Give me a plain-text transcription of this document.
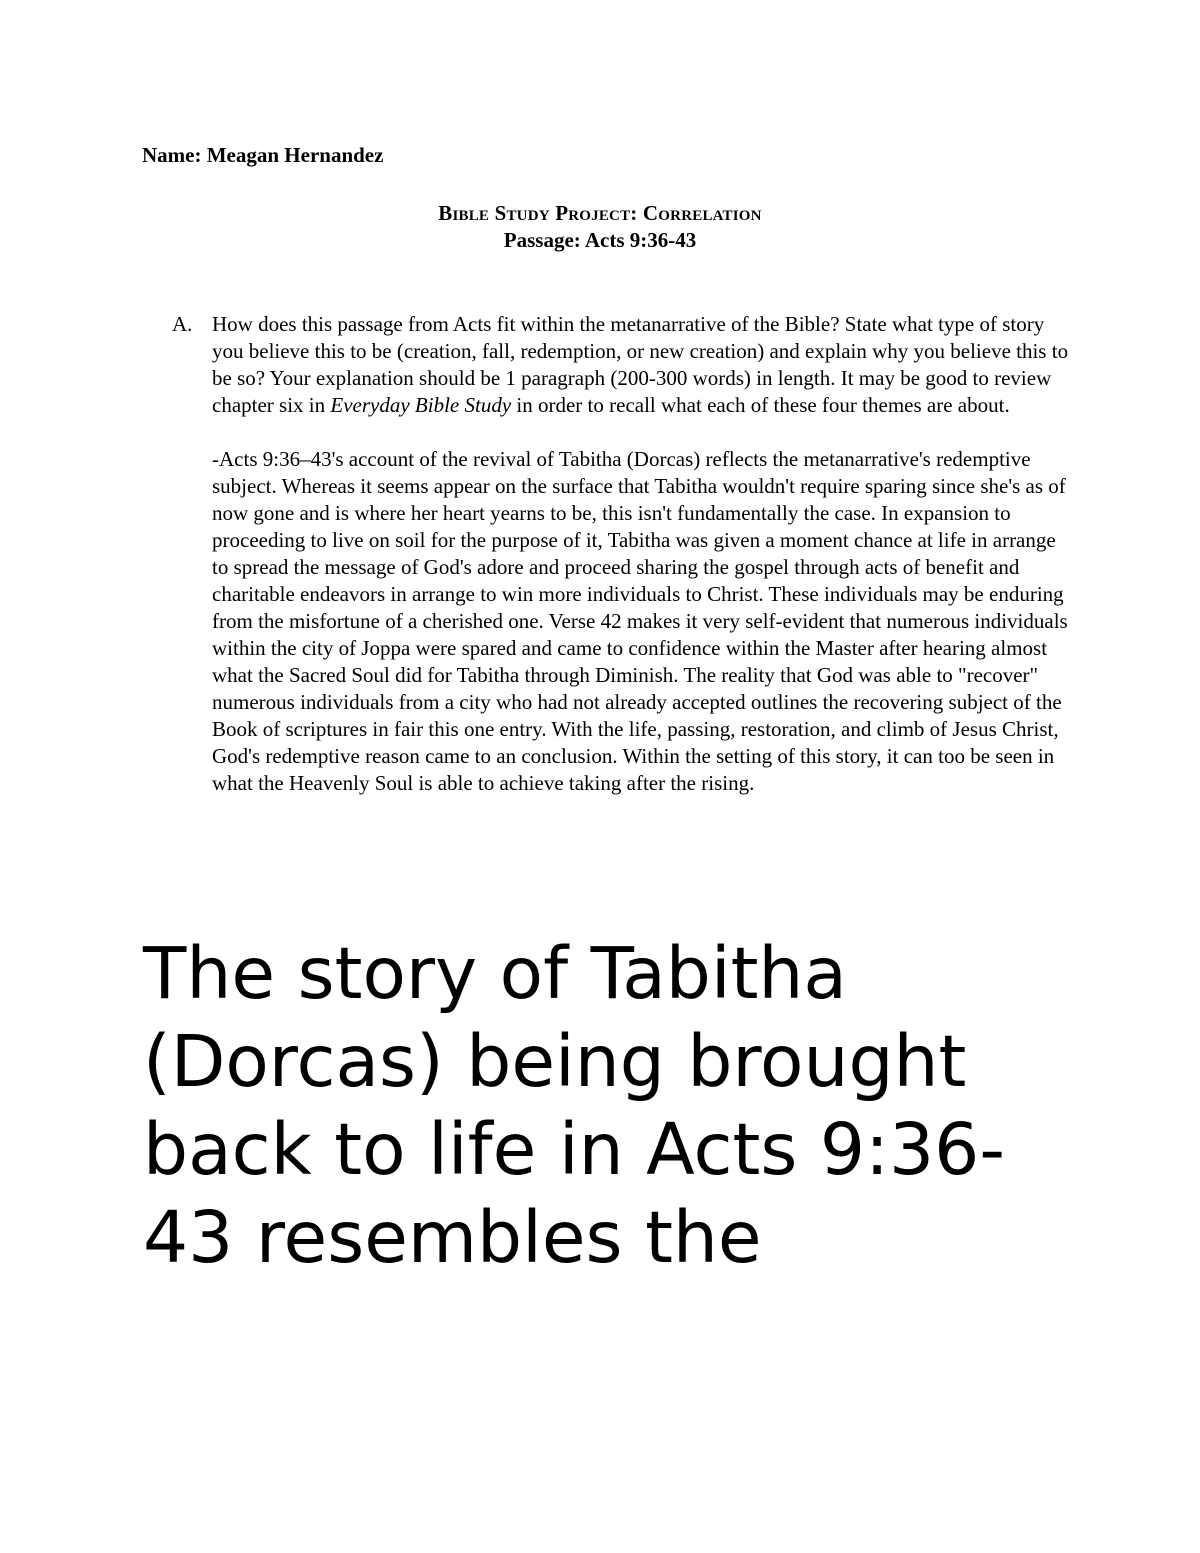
Name: Meagan Hernandez
Bible Study Project: Correlation
Passage: Acts 9:36-43
A. How does this passage from Acts fit within the metanarrative of the Bible? State what type of story you believe this to be (creation, fall, redemption, or new creation) and explain why you believe this to be so? Your explanation should be 1 paragraph (200-300 words) in length. It may be good to review chapter six in Everyday Bible Study in order to recall what each of these four themes are about.
-Acts 9:36–43's account of the revival of Tabitha (Dorcas) reflects the metanarrative's redemptive subject. Whereas it seems appear on the surface that Tabitha wouldn't require sparing since she's as of now gone and is where her heart yearns to be, this isn't fundamentally the case. In expansion to proceeding to live on soil for the purpose of it, Tabitha was given a moment chance at life in arrange to spread the message of God's adore and proceed sharing the gospel through acts of benefit and charitable endeavors in arrange to win more individuals to Christ. These individuals may be enduring from the misfortune of a cherished one. Verse 42 makes it very self-evident that numerous individuals within the city of Joppa were spared and came to confidence within the Master after hearing almost what the Sacred Soul did for Tabitha through Diminish. The reality that God was able to "recover" numerous individuals from a city who had not already accepted outlines the recovering subject of the Book of scriptures in fair this one entry. With the life, passing, restoration, and climb of Jesus Christ, God's redemptive reason came to an conclusion. Within the setting of this story, it can too be seen in what the Heavenly Soul is able to achieve taking after the rising.
The story of Tabitha (Dorcas) being brought back to life in Acts 9:36-43 resembles the
